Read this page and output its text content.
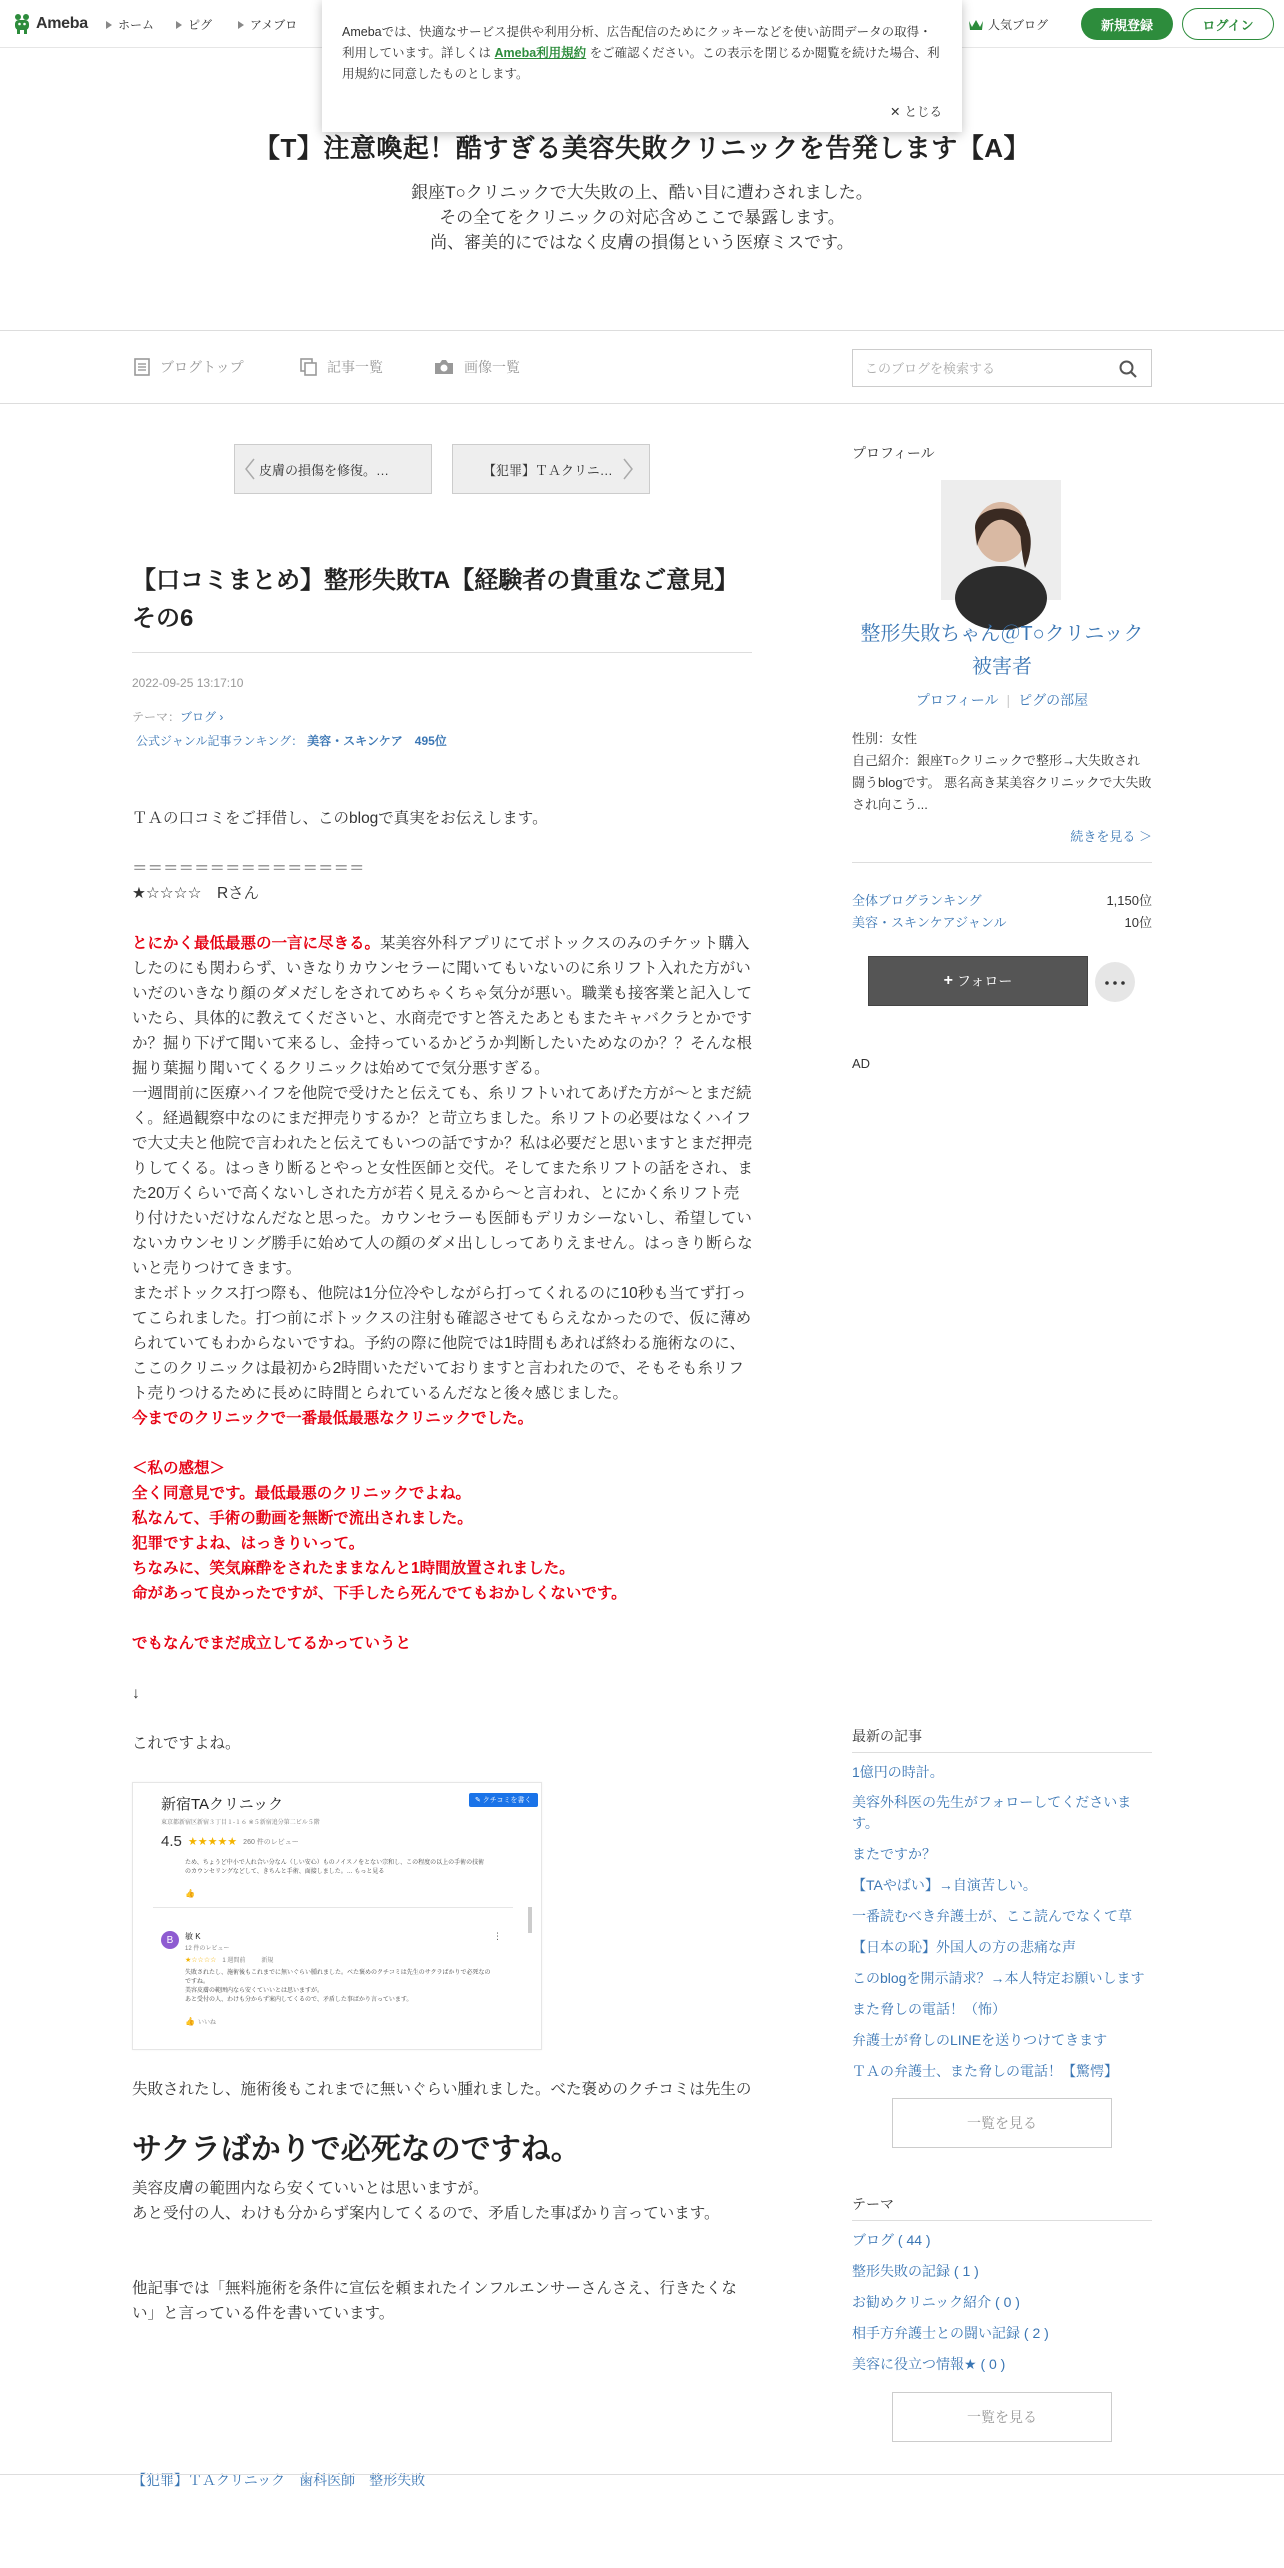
Ameba	ホーム	ピグ	アメブロ	人気ブログ	新規登録	ログイン
Amebaでは、快適なサービス提供や利用分析、広告配信のためにクッキーなどを使い訪問データの取得・利用しています。詳しくは Ameba利用規約 をご確認ください。この表示を閉じるか閲覧を続けた場合、利用規約に同意したものとします。
✕ とじる
【T】注意喚起！酷すぎる美容失敗クリニックを告発します【A】
銀座T○クリニックで大失敗の上、酷い目に遭わされました。
その全てをクリニックの対応含めここで暴露します。
尚、審美的にではなく皮膚の損傷という医療ミスです。
ブログトップ	記事一覧	画像一覧
このブログを検索する
皮膚の損傷を修復。…	【犯罪】ＴＡクリニ…
【口コミまとめ】整形失敗TA【経験者の貴重なご意見】その6
2022-09-25 13:17:10
テーマ：ブログ ›
公式ジャンル記事ランキング： 美容・スキンケア 495位
ＴＡの口コミをご拝借し、このblogで真実をお伝えします。
＝＝＝＝＝＝＝＝＝＝＝＝＝＝＝
★☆☆☆☆　Rさん
とにかく最低最悪の一言に尽きる。某美容外科アプリにてボトックスのみのチケット購入したのにも関わらず、いきなりカウンセラーに聞いてもいないのに糸リフト入れた方がいいだのいきなり顔のダメだしをされてめちゃくちゃ気分が悪い。職業も接客業と記入していたら、具体的に教えてくださいと、水商売ですと答えたあともまたキャバクラとかですか？掘り下げて聞いて来るし、金持っているかどうか判断したいためなのか？？そんな根掘り葉掘り聞いてくるクリニックは始めてで気分悪すぎる。
一週間前に医療ハイフを他院で受けたと伝えても、糸リフトいれてあげた方が〜とまだ続く。経過観察中なのにまだ押売りするか？と苛立ちました。糸リフトの必要はなくハイフで大丈夫と他院で言われたと伝えてもいつの話ですか？私は必要だと思いますとまだ押売りしてくる。はっきり断るとやっと女性医師と交代。そしてまた糸リフトの話をされ、また20万くらいで高くないしされた方が若く見えるから〜と言われ、とにかく糸リフト売り付けたいだけなんだなと思った。カウンセラーも医師もデリカシーないし、希望していないカウンセリング勝手に始めて人の顔のダメ出ししってありえません。はっきり断らないと売りつけてきます。
またボトックス打つ際も、他院は1分位冷やしながら打ってくれるのに10秒も当てず打ってこられました。打つ前にボトックスの注射も確認させてもらえなかったので、仮に薄められていてもわからないですね。予約の際に他院では1時間もあれば終わる施術なのに、ここのクリニックは最初から2時間いただいておりますと言われたので、そもそも糸リフト売りつけるために長めに時間とられているんだなと後々感じました。
今までのクリニックで一番最低最悪なクリニックでした。
＜私の感想＞
全く同意見です。最低最悪のクリニックでよね。
私なんて、手術の動画を無断で流出されました。
犯罪ですよね、はっきりいって。
ちなみに、笑気麻酔をされたままなんと1時間放置されました。
命があって良かったですが、下手したら死んでてもおかしくないです。
でもなんでまだ成立してるかっていうと
↓
これですよね。
新宿TAクリニック	✎ クチコミを書く
東京都新宿区新宿３丁目１-１６ ※５新宿追分第二ビル５階
4.5 ★★★★★ 260 件のレビュー
ため、ちょうど中小で人れ合い分なん（しい安心）ものノイスノをとない宗和し、この程度の以上の手術の技術のカウンセリングなどして、きちんと手術、面接しました。… もっと見る
👍
B	敏 K
12 件のレビュー
⋮
★☆☆☆☆ 1 週間前	新規
失敗されたし、施術後もこれまでに無いぐらい腫れました。ベた褒めのクチコミは先生のサクラばかりで必死なのですね。
美容皮膚の範囲内なら安くていいとは思いますが。
あと受付の人、わけも分からず案内してくるので、矛盾した事ばかり言っています。
👍 いいね
失敗されたし、施術後もこれまでに無いぐらい腫れました。べた褒めのクチコミは先生の
サクラばかりで必死なのですね。
美容皮膚の範囲内なら安くていいとは思いますが。
あと受付の人、わけも分からず案内してくるので、矛盾した事ばかり言っています。
他記事では「無料施術を条件に宣伝を頼まれたインフルエンサーさんさえ、行きたくない」と言っている件を書いています。
【犯罪】ＴＡクリニック　歯科医師　整形失敗
プロフィール
整形失敗ちゃん＠T○クリニック被害者
プロフィール | ピグの部屋
性別：女性
自己紹介：銀座T○クリニックで整形→大失敗され闘うblogです。 悪名高き某美容クリニックで大失敗され向こう...
続きを見る ＞
全体ブログランキング	1,150位
美容・スキンケアジャンル	10位
+ フォロー	･･･
AD
最新の記事
1億円の時計。
美容外科医の先生がフォローしてくださいます。
またですか？
【TAやばい】→自演苦しい。
一番読むべき弁護士が、ここ読んでなくて草
【日本の恥】外国人の方の悲痛な声
このblogを開示請求？→本人特定お願いします
また脅しの電話！（怖）
弁護士が脅しのLINEを送りつけてきます
ＴＡの弁護士、また脅しの電話！【驚愕】
一覧を見る
テーマ
ブログ ( 44 )
整形失敗の記録 ( 1 )
お勧めクリニック紹介 ( 0 )
相手方弁護士との闘い記録 ( 2 )
美容に役立つ情報★ ( 0 )
一覧を見る
